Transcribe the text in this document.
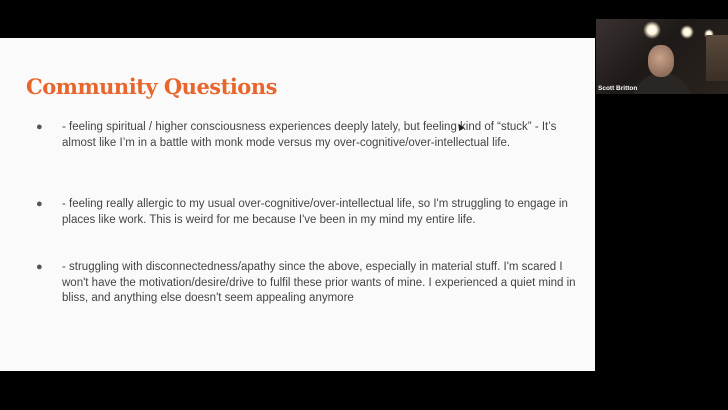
Community Questions
●	- feeling spiritual / higher consciousness experiences deeply lately, but feeling kind of “stuck” - It’s almost like I’m in a battle with monk mode versus my over-cognitive/over-intellectual life.
●	- feeling really allergic to my usual over-cognitive/over-intellectual life, so I'm struggling to engage in places like work. This is weird for me because I've been in my mind my entire life.
●	- struggling with disconnectedness/apathy since the above, especially in material stuff. I'm scared I won't have the motivation/desire/drive to fulfil these prior wants of mine. I experienced a quiet mind in bliss, and anything else doesn't seem appealing anymore
Scott Britton
